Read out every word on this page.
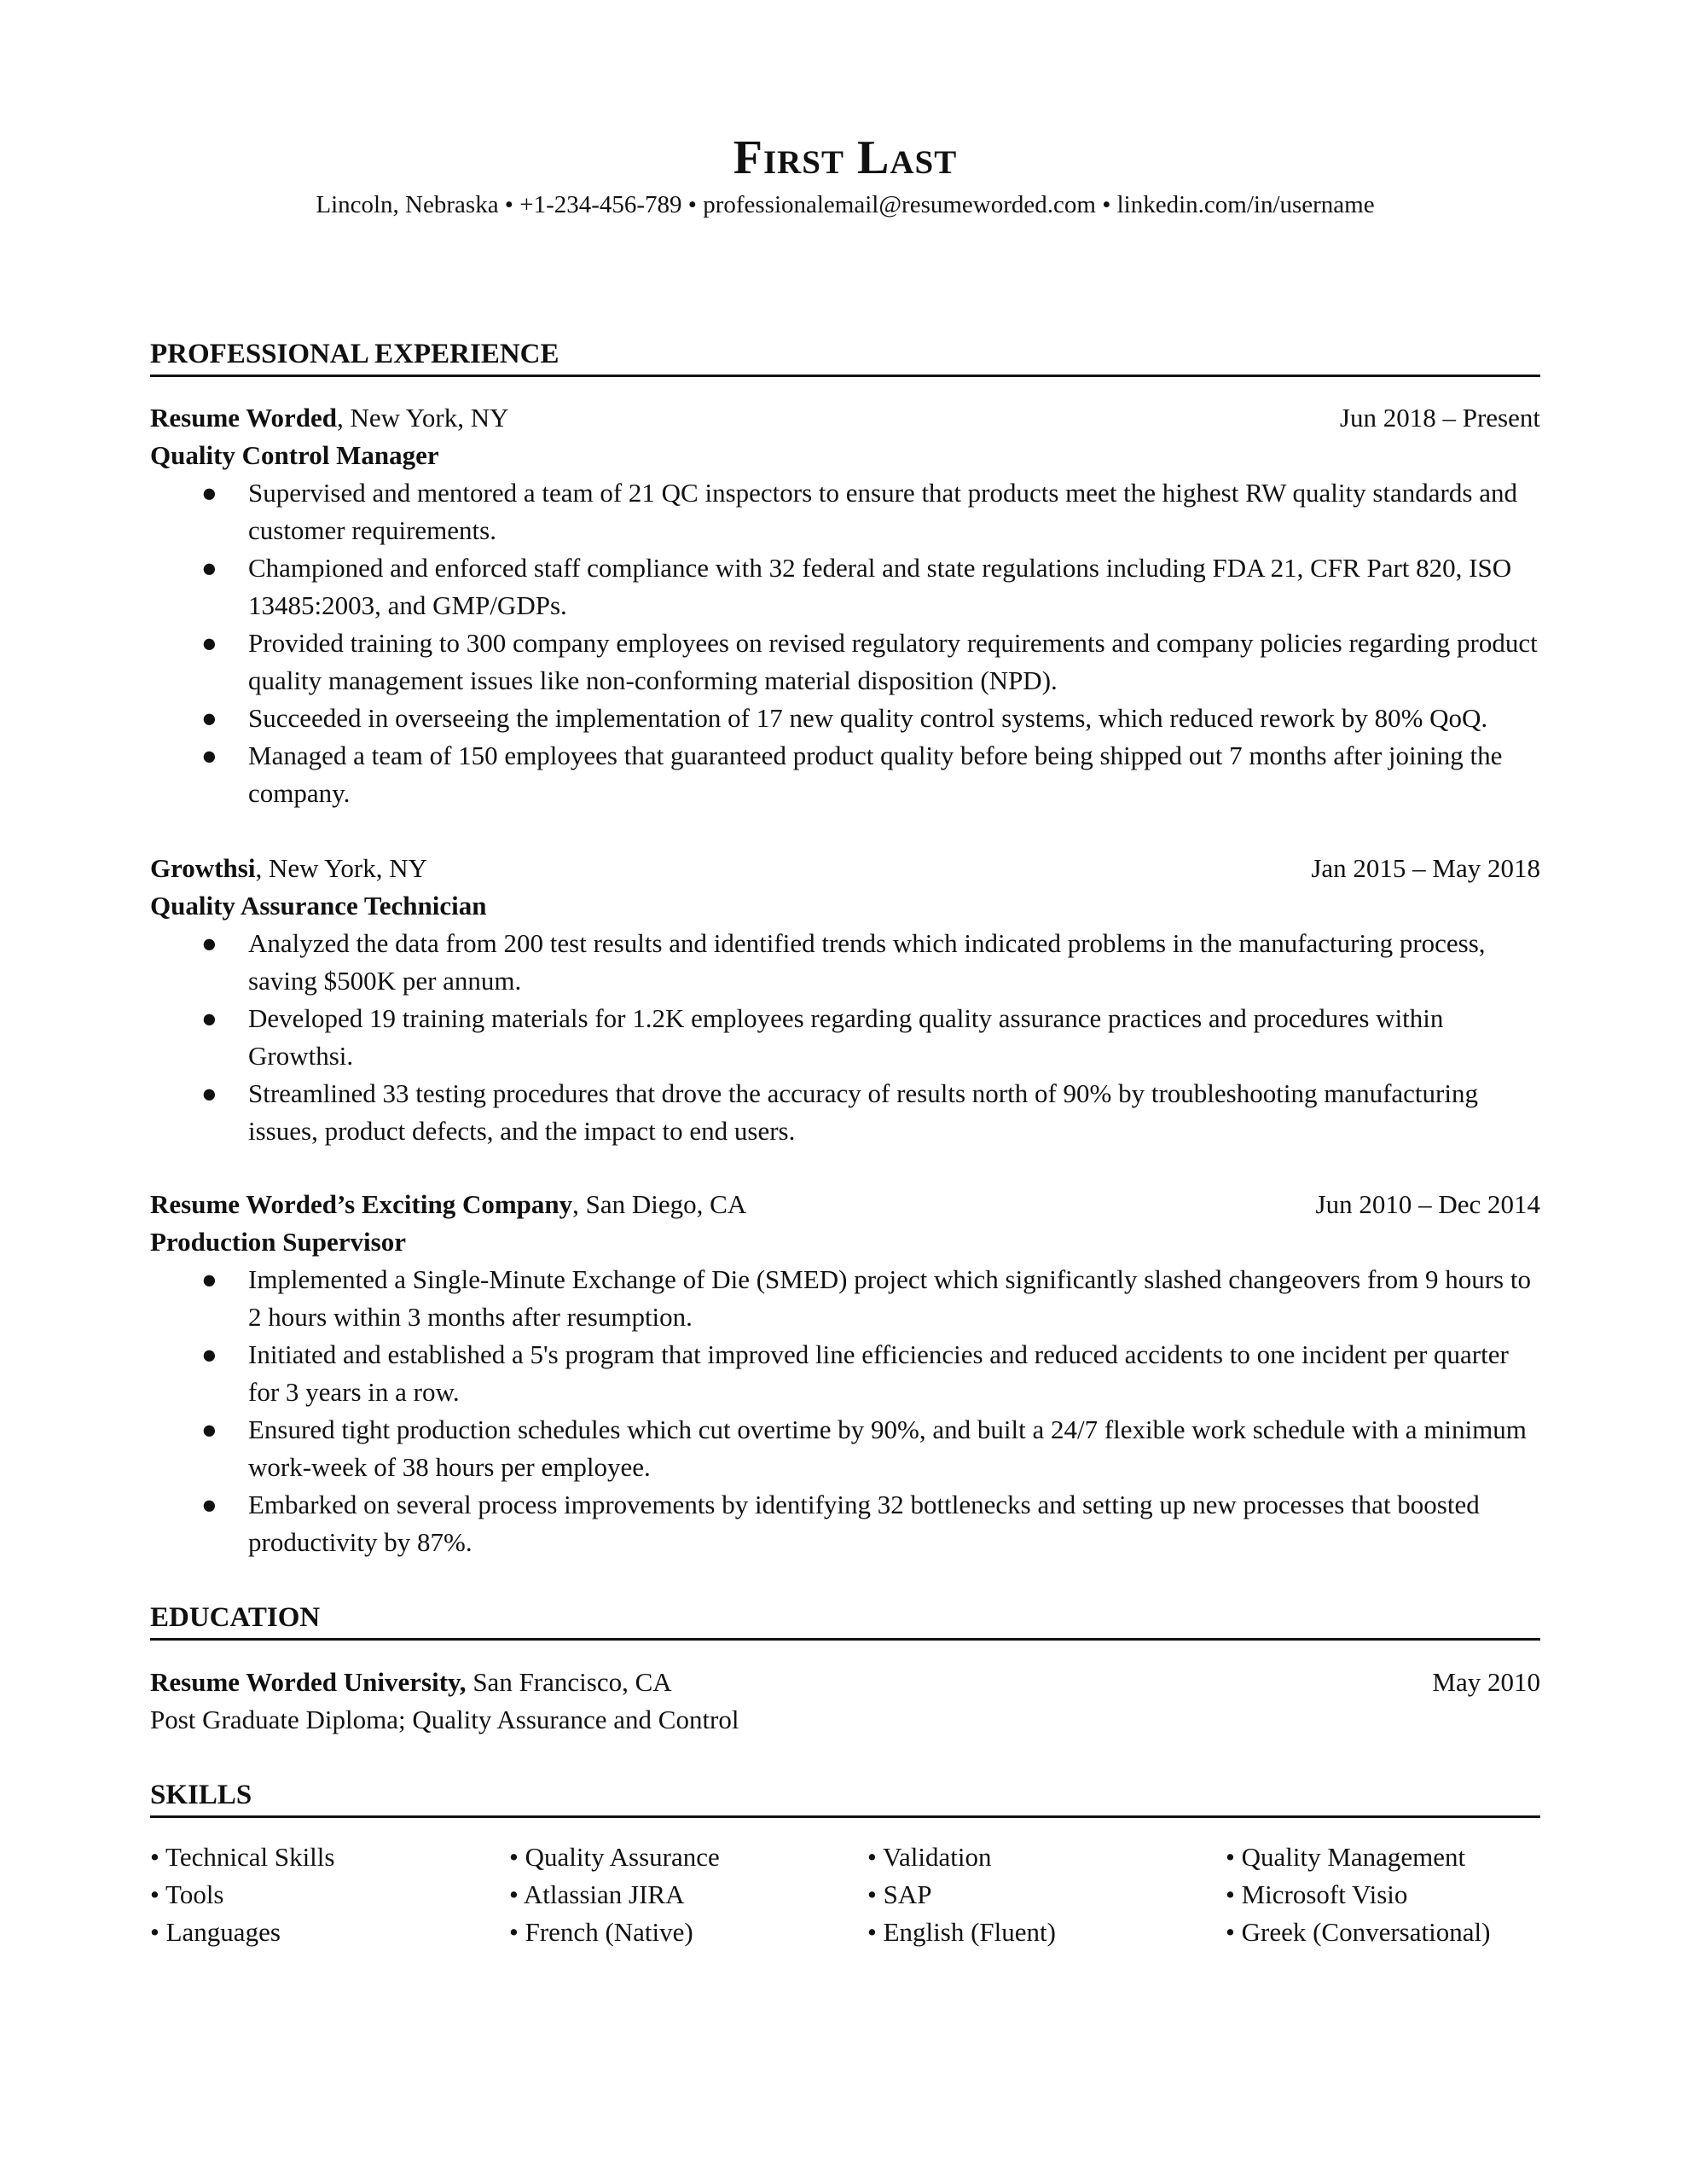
First Last
Lincoln, Nebraska • +1-234-456-789 • professionalemail@resumeworded.com • linkedin.com/in/username
PROFESSIONAL EXPERIENCE
Resume Worded, New York, NY	Jun 2018 – Present
Quality Control Manager
● Supervised and mentored a team of 21 QC inspectors to ensure that products meet the highest RW quality standards and customer requirements.
● Championed and enforced staff compliance with 32 federal and state regulations including FDA 21, CFR Part 820, ISO 13485:2003, and GMP/GDPs.
● Provided training to 300 company employees on revised regulatory requirements and company policies regarding product quality management issues like non-conforming material disposition (NPD).
● Succeeded in overseeing the implementation of 17 new quality control systems, which reduced rework by 80% QoQ.
● Managed a team of 150 employees that guaranteed product quality before being shipped out 7 months after joining the company.
Growthsi, New York, NY	Jan 2015 – May 2018
Quality Assurance Technician
● Analyzed the data from 200 test results and identified trends which indicated problems in the manufacturing process, saving $500K per annum.
● Developed 19 training materials for 1.2K employees regarding quality assurance practices and procedures within Growthsi.
● Streamlined 33 testing procedures that drove the accuracy of results north of 90% by troubleshooting manufacturing issues, product defects, and the impact to end users.
Resume Worded’s Exciting Company, San Diego, CA	Jun 2010 – Dec 2014
Production Supervisor
● Implemented a Single-Minute Exchange of Die (SMED) project which significantly slashed changeovers from 9 hours to 2 hours within 3 months after resumption.
● Initiated and established a 5's program that improved line efficiencies and reduced accidents to one incident per quarter for 3 years in a row.
● Ensured tight production schedules which cut overtime by 90%, and built a 24/7 flexible work schedule with a minimum work-week of 38 hours per employee.
● Embarked on several process improvements by identifying 32 bottlenecks and setting up new processes that boosted productivity by 87%.
EDUCATION
Resume Worded University, San Francisco, CA	May 2010
Post Graduate Diploma; Quality Assurance and Control
SKILLS
• Technical Skills	• Quality Assurance	• Validation	• Quality Management
• Tools	• Atlassian JIRA	• SAP	• Microsoft Visio
• Languages	• French (Native)	• English (Fluent)	• Greek (Conversational)
